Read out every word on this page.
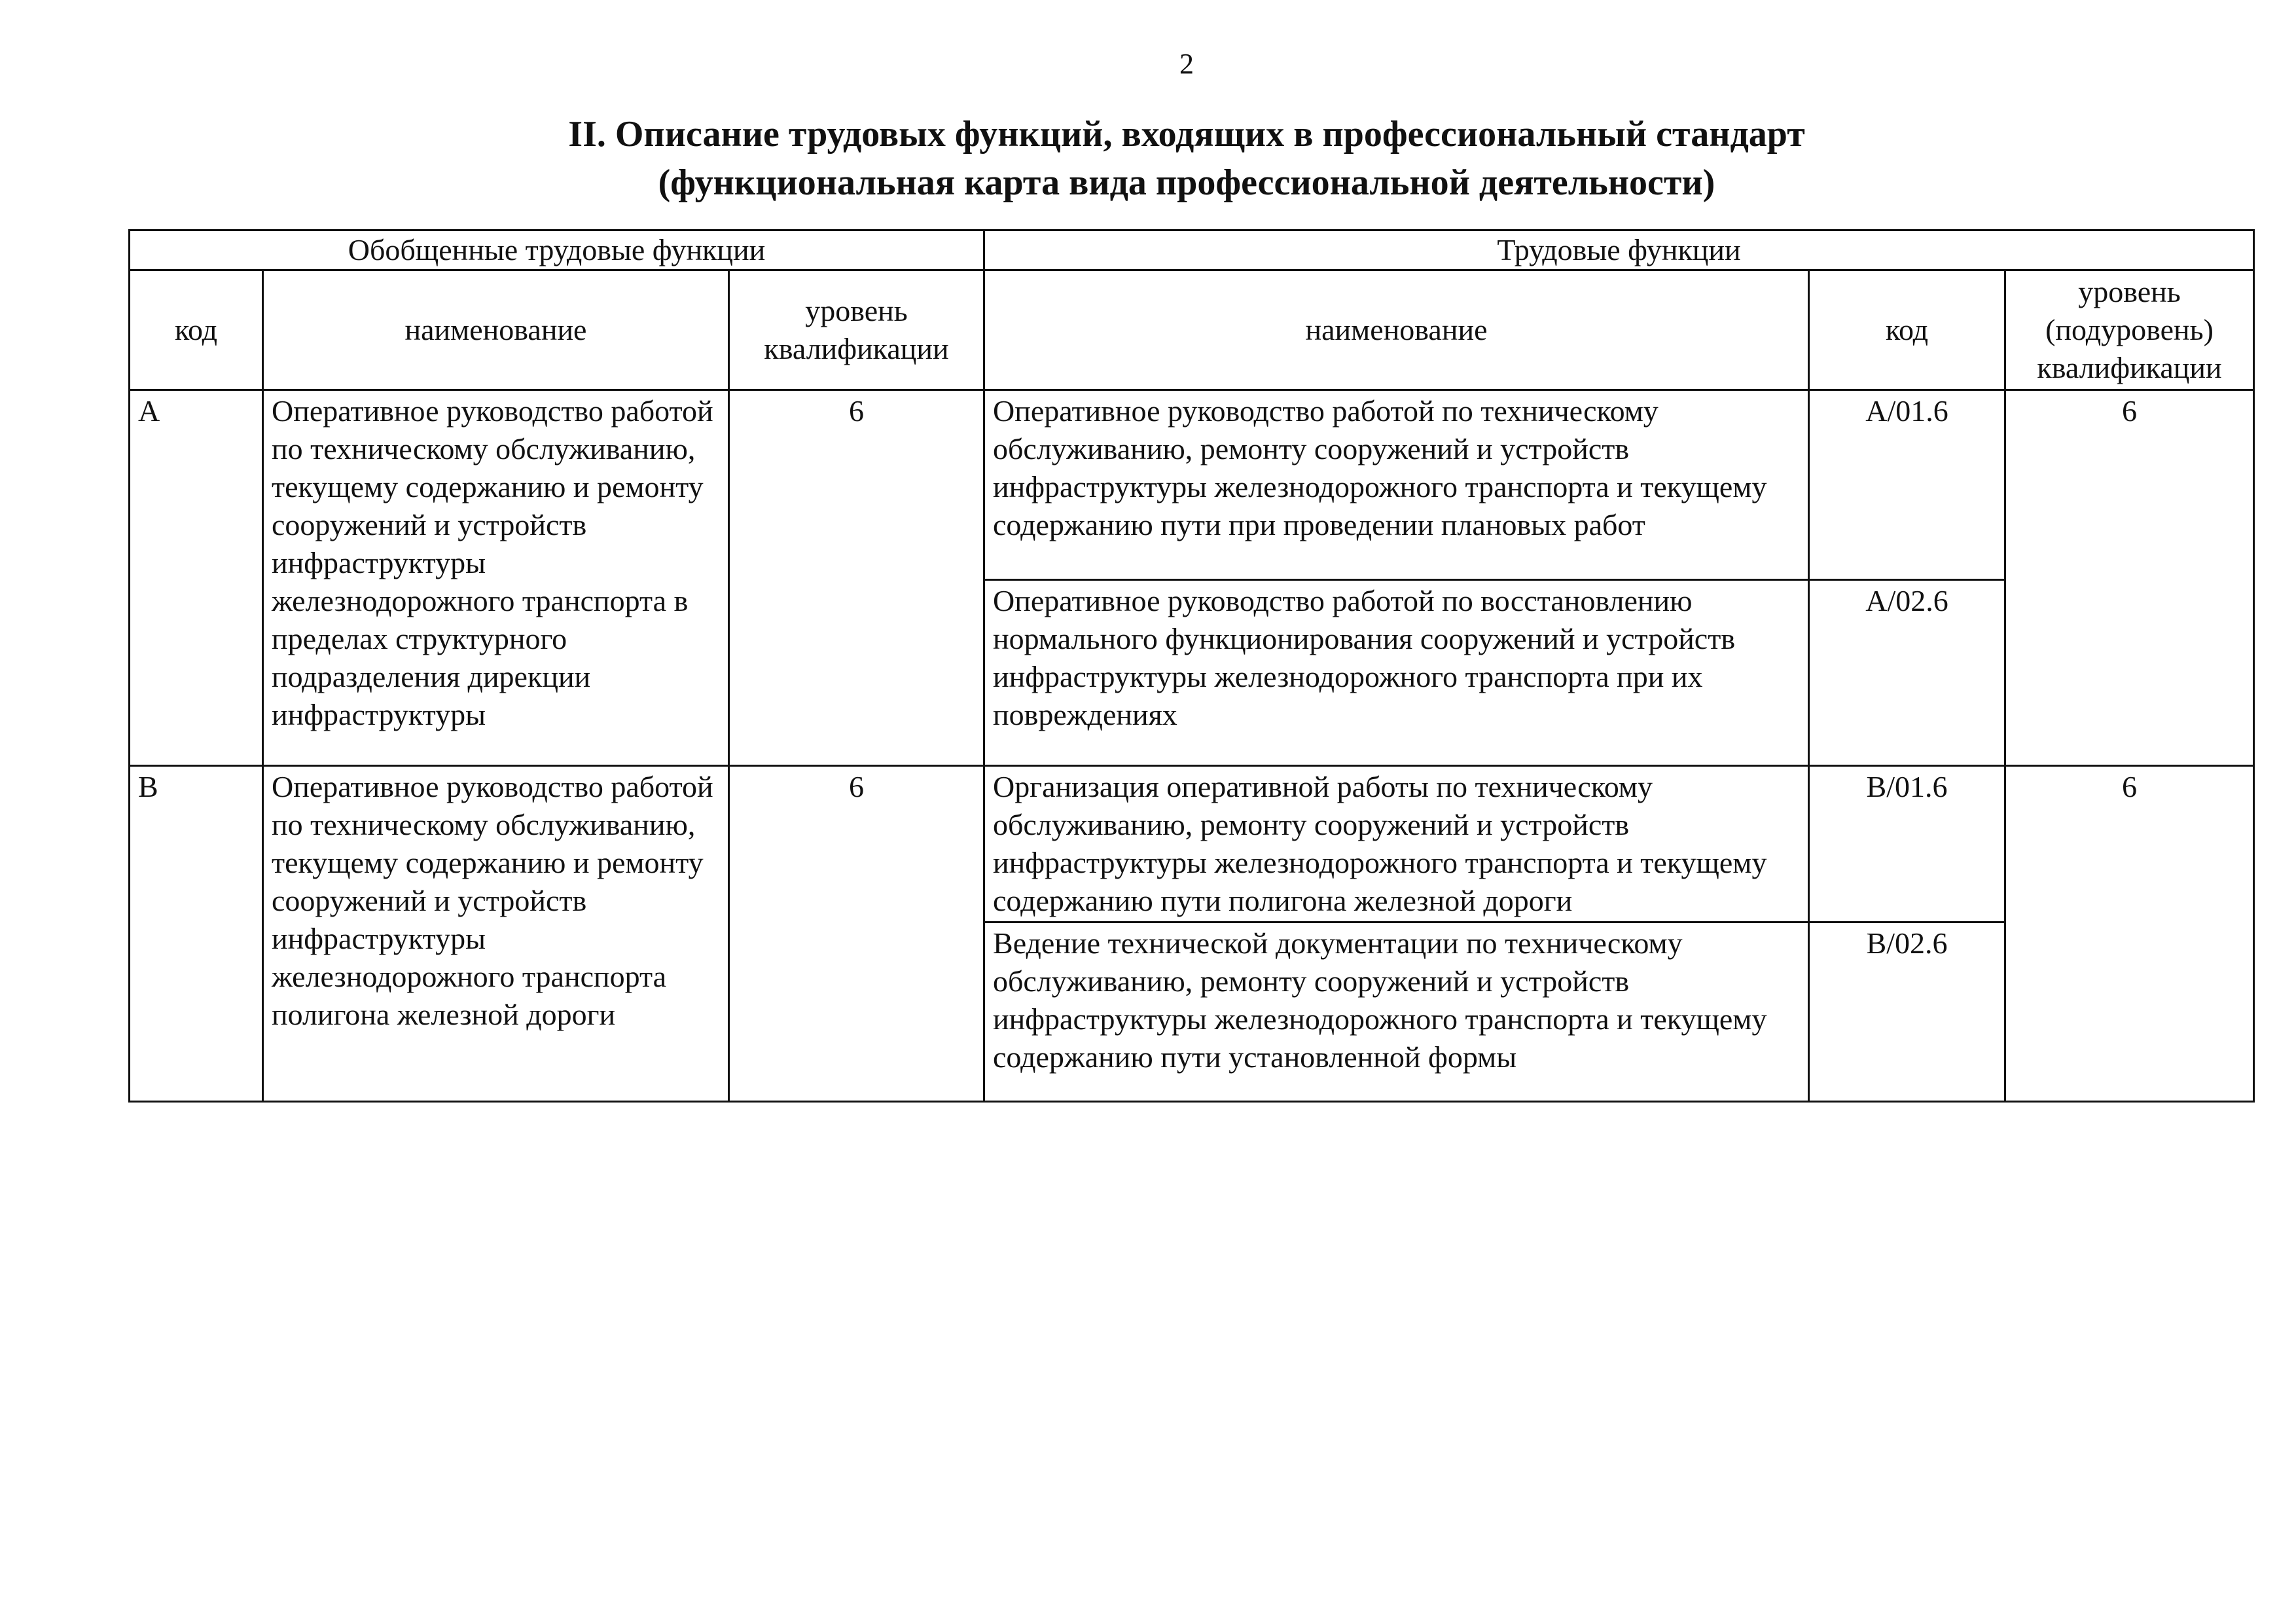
2
II. Описание трудовых функций, входящих в профессиональный стандарт
(функциональная карта вида профессиональной деятельности)
Обобщенные трудовые функции			Трудовые функции		
код	наименование	уровень квалификации	наименование	код	уровень (подуровень) квалификации
А	Оперативное руководство работой по техническому обслуживанию, текущему содержанию и ремонту сооружений и устройств инфраструктуры железнодорожного транспорта в пределах структурного подразделения дирекции инфраструктуры	6	Оперативное руководство работой по техническому обслуживанию, ремонту сооружений и устройств инфраструктуры железнодорожного транспорта и текущему содержанию пути при проведении плановых работ	A/01.6	6
			Оперативное руководство работой по восстановлению нормального функционирования сооружений и устройств инфраструктуры железнодорожного транспорта при их повреждениях	A/02.6	
В	Оперативное руководство работой по техническому обслуживанию, текущему содержанию и ремонту сооружений и устройств инфраструктуры железнодорожного транспорта полигона железной дороги	6	Организация оперативной работы по техническому обслуживанию, ремонту сооружений и устройств инфраструктуры железнодорожного транспорта и текущему содержанию пути полигона железной дороги	B/01.6	6
			Ведение технической документации по техническому обслуживанию, ремонту сооружений и устройств инфраструктуры железнодорожного транспорта и текущему содержанию пути установленной формы	B/02.6	
